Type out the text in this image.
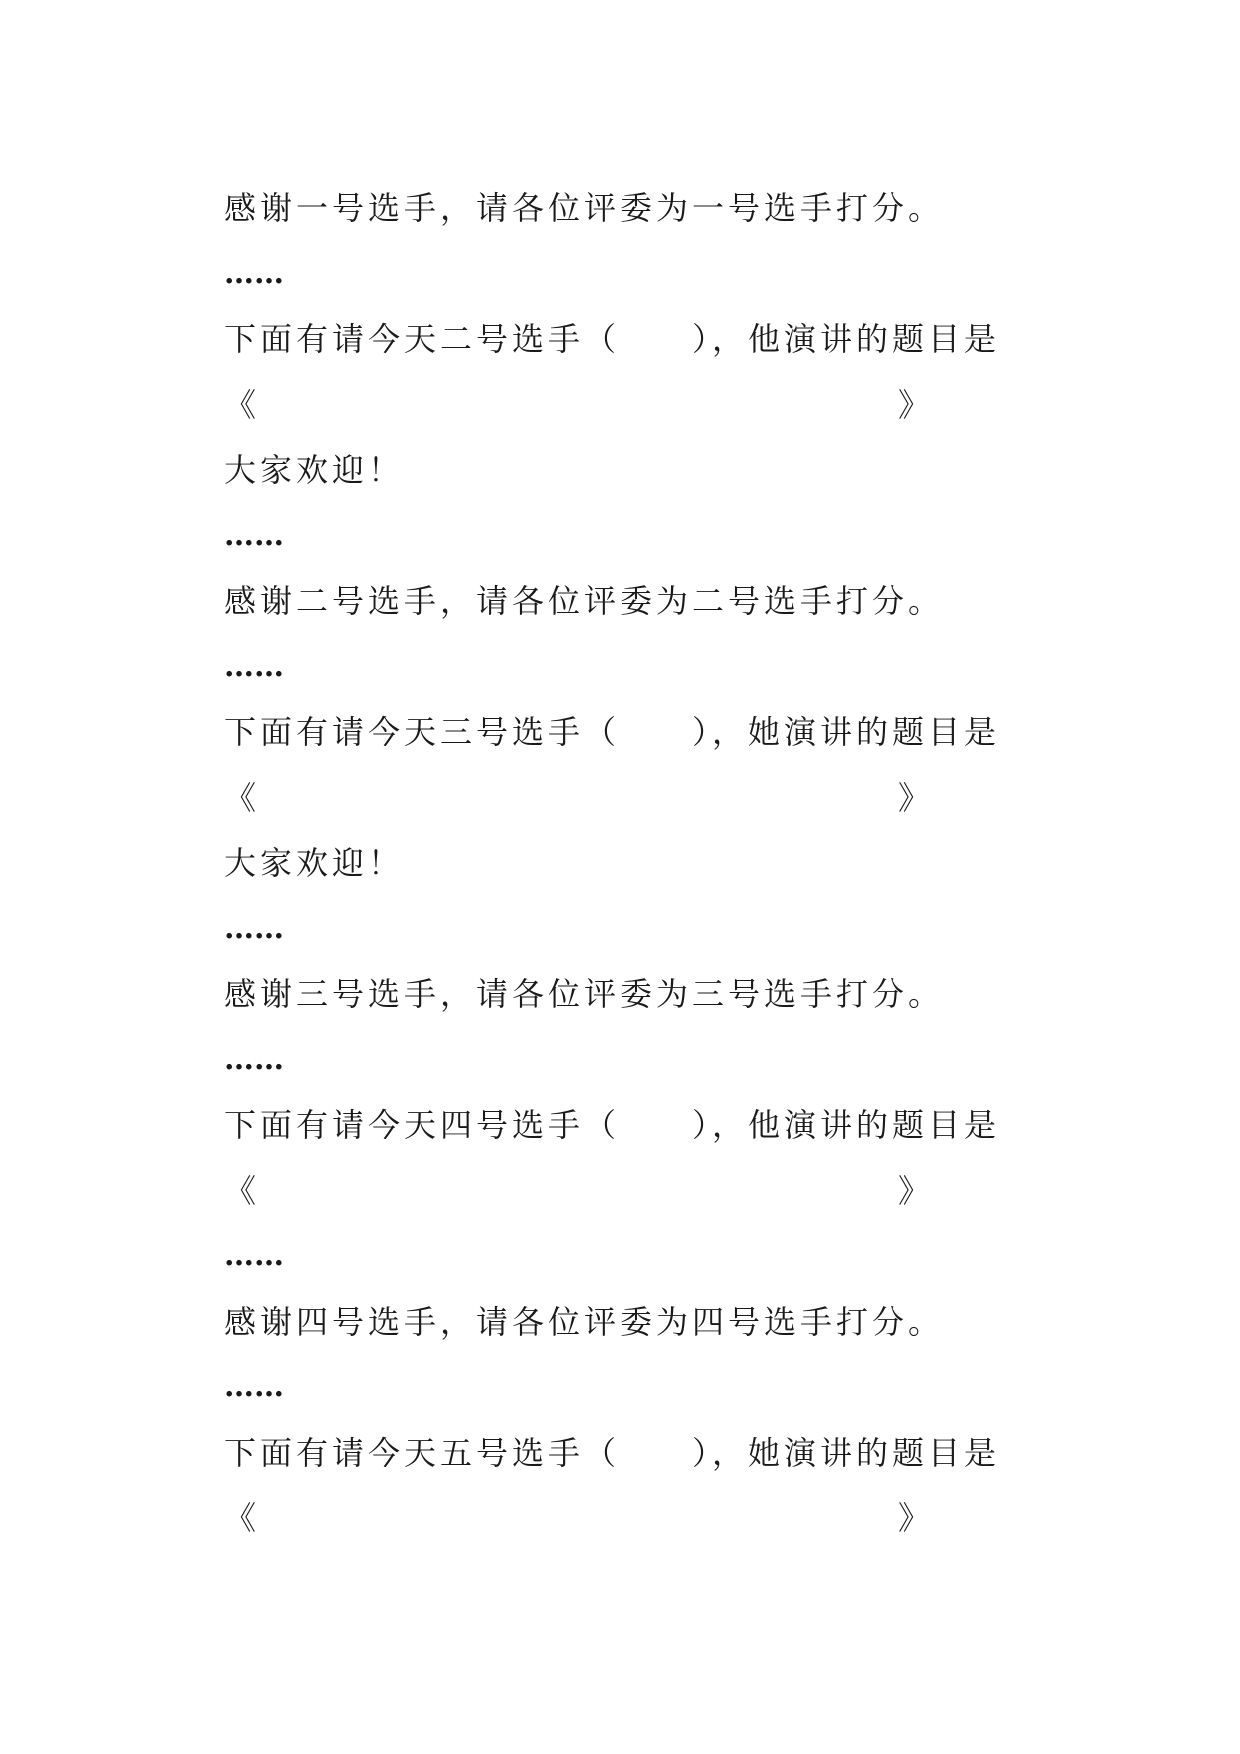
感谢一号选手，请各位评委为一号选手打分。
……
下面有请今天二号选手（　　），他演讲的题目是
《	》
大家欢迎！
……
感谢二号选手，请各位评委为二号选手打分。
……
下面有请今天三号选手（　　），她演讲的题目是
《	》
大家欢迎！
……
感谢三号选手，请各位评委为三号选手打分。
……
下面有请今天四号选手（　　），他演讲的题目是
《	》
……
感谢四号选手，请各位评委为四号选手打分。
……
下面有请今天五号选手（　　），她演讲的题目是
《	》
